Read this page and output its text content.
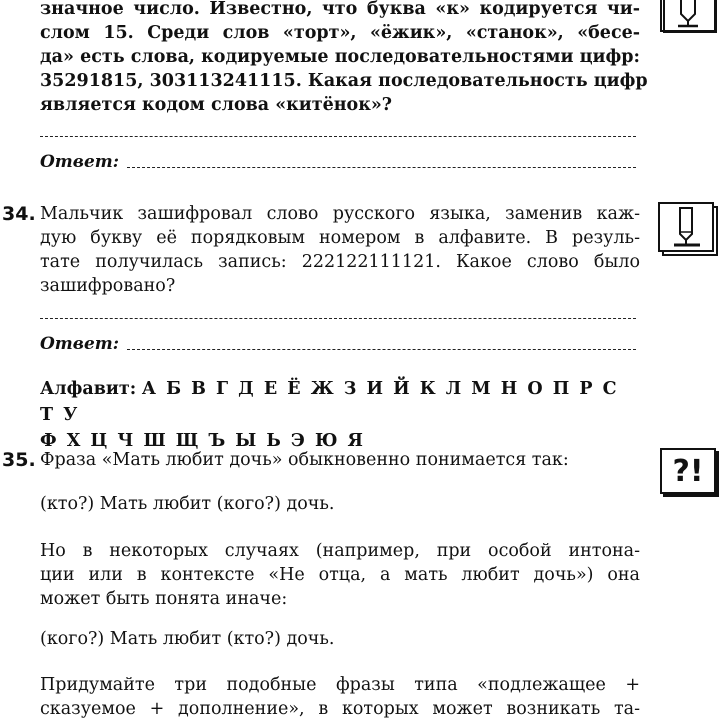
значное число. Известно, что буква «к» кодируется чи-
слом 15. Среди слов «торт», «ёжик», «станок», «бесе-
да» есть слова, кодируемые последовательностями цифр:
35291815, 303113241115. Какая последовательность цифр
является кодом слова «китёнок»?
Ответ:
34. Мальчик зашифровал слово русского языка, заменив каж-
дую букву её порядковым номером в алфавите. В резуль-
тате получилась запись: 222122111121. Какое слово было
зашифровано?
Ответ:
Алфавит: А Б В Г Д Е Ё Ж З И Й К Л М Н О П Р С Т У
Ф Х Ц Ч Ш Щ Ъ Ы Ь Э Ю Я
35. Фраза «Мать любит дочь» обыкновенно понимается так:	?!
(кто?) Мать любит (кого?) дочь.
Но в некоторых случаях (например, при особой интона-
ции или в контексте «Не отца, а мать любит дочь») она
может быть понята иначе:
(кого?) Мать любит (кто?) дочь.
Придумайте три подобные фразы типа «подлежащее +
сказуемое + дополнение», в которых может возникать та-
